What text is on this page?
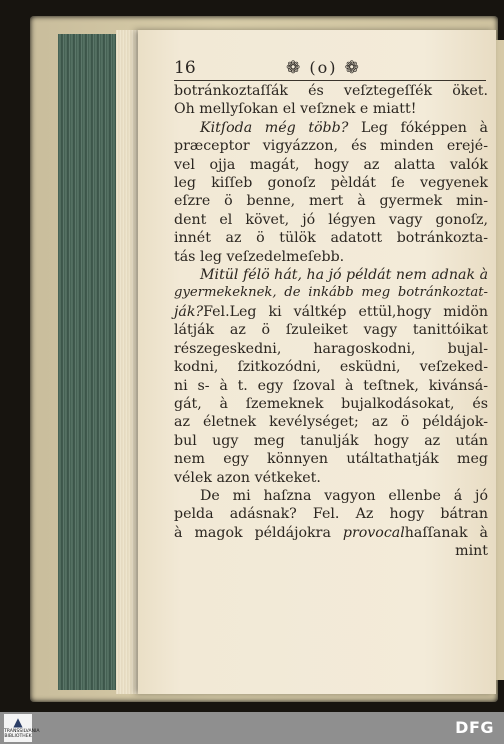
16	❁ (o) ❁
botránkoztaſſák és veſztegeſſék öket.
Oh mellyſokan el veſznek e miatt!
Kitſoda még több? Leg fóképpen à
præceptor vigyázzon, és minden erejé-
vel ojja magát, hogy az alatta valók
leg kiſſeb gonoſz pèldát ſe vegyenek
eſzre ö benne, mert à gyermek min-
dent el követ, jó légyen vagy gonoſz,
innét az ö tülök adatott botránkozta-
tás leg veſzedelmeſebb.
Mitül félö hát, ha jó példát nem adnak à
gyermekeknek, de inkább meg botránkoztat-
ják?Fel.Leg ki váltkép ettül,hogy midön
látják az ö ſzuleiket vagy tanittóikat
részegeskedni, haragoskodni, bujal-
kodni, ſzitkozódni, esküdni, veſzeked-
ni s- à t. egy ſzoval à teſtnek, kivánsá-
gát, à ſzemeknek bujalkodásokat, és
az életnek kevélységet; az ö példájok-
bul ugy meg tanulják hogy az után
nem egy könnyen utáltathatják meg
vélek azon vétkeket.
De mi haſzna vagyon ellenbe á jó
pelda adásnak? Fel. Az hogy bátran
à magok példájokra provocalhaſſanak à
mint
▲
TRANSSILVANIA
BIBLIOTHEK	DFG
